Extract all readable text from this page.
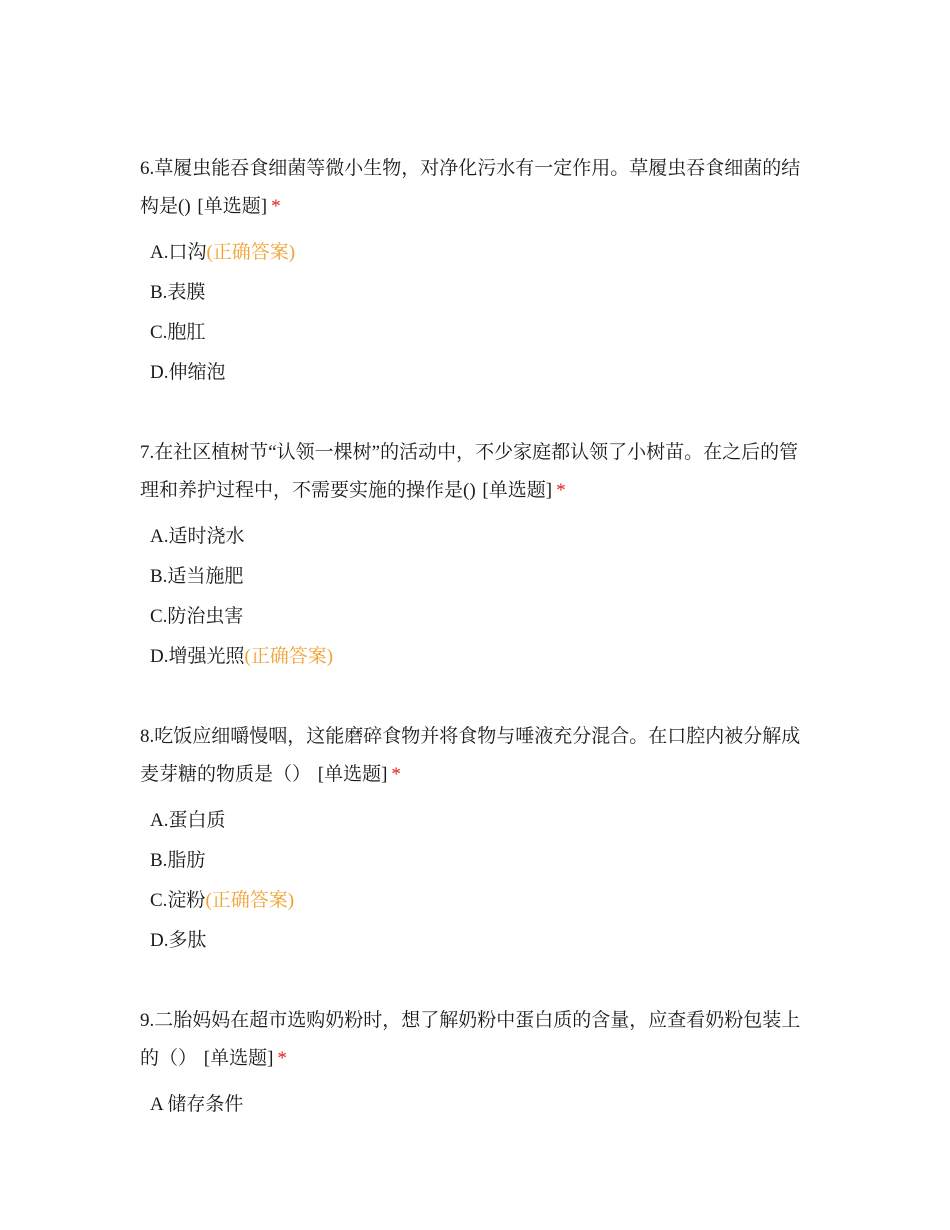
6.草履虫能吞食细菌等微小生物，对净化污水有一定作用。草履虫吞食细菌的结构是() [单选题] *

A.口沟(正确答案)
B.表膜
C.胞肛
D.伸缩泡

7.在社区植树节“认领一棵树”的活动中，不少家庭都认领了小树苗。在之后的管理和养护过程中，不需要实施的操作是() [单选题] *

A.适时浇水
B.适当施肥
C.防治虫害
D.增强光照(正确答案)

8.吃饭应细嚼慢咽，这能磨碎食物并将食物与唾液充分混合。在口腔内被分解成麦芽糖的物质是（） [单选题] *

A.蛋白质
B.脂肪
C.淀粉(正确答案)
D.多肽

9.二胎妈妈在超市选购奶粉时，想了解奶粉中蛋白质的含量，应查看奶粉包装上的（） [单选题] *

A 储存条件
